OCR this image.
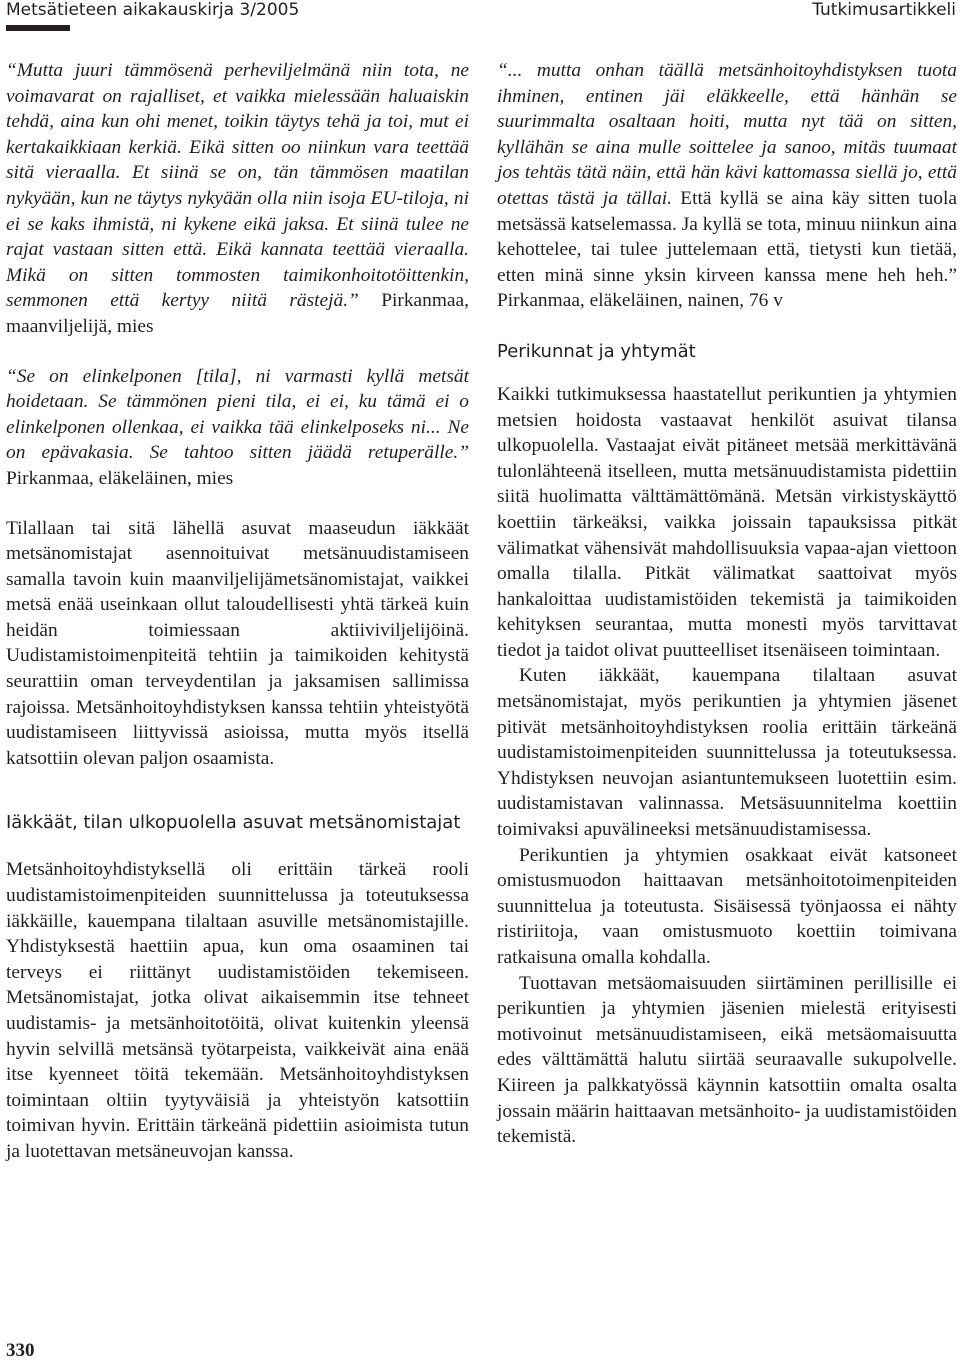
Metsätieteen aikakauskirja 3/2005	Tutkimusartikkeli

“Mutta juuri tämmösenä perheviljelmänä niin tota, ne voimavarat on rajalliset, et vaikka mielessään haluaiskin tehdä, aina kun ohi menet, toikin täytys tehä ja toi, mut ei kertakaikkiaan kerkiä. Eikä sitten oo niinkun vara teettää sitä vieraalla. Et siinä se on, tän tämmösen maatilan nykyään, kun ne täytys nykyään olla niin isoja EU-tiloja, ni ei se kaks ihmistä, ni kykene eikä jaksa. Et siinä tulee ne rajat vastaan sitten että. Eikä kannata teettää vieraalla. Mikä on sitten tommosten taimikonhoitotöittenkin, semmonen että kertyy niitä rästejä.” Pirkanmaa, maanviljelijä, mies

“Se on elinkelponen [tila], ni varmasti kyllä metsät hoidetaan. Se tämmönen pieni tila, ei ei, ku tämä ei o elinkelponen ollenkaa, ei vaikka tää elinkelposeks ni... Ne on epävakasia. Se tahtoo sitten jäädä retuperälle.” Pirkanmaa, eläkeläinen, mies

Tilallaan tai sitä lähellä asuvat maaseudun iäkkäät metsänomistajat asennoituivat metsänuudistamiseen samalla tavoin kuin maanviljelijämetsänomistajat, vaikkei metsä enää useinkaan ollut taloudellisesti yhtä tärkeä kuin heidän toimiessaan aktiiviviljelijöinä. Uudistamistoimenpiteitä tehtiin ja taimikoiden kehitystä seurattiin oman terveydentilan ja jaksamisen sallimissa rajoissa. Metsänhoitoyhdistyksen kanssa tehtiin yhteistyötä uudistamiseen liittyvissä asioissa, mutta myös itsellä katsottiin olevan paljon osaamista.

Iäkkäät, tilan ulkopuolella asuvat metsänomistajat

Metsänhoitoyhdistyksellä oli erittäin tärkeä rooli uudistamistoimenpiteiden suunnittelussa ja toteutuksessa iäkkäille, kauempana tilaltaan asuville metsänomistajille. Yhdistyksestä haettiin apua, kun oma osaaminen tai terveys ei riittänyt uudistamistöiden tekemiseen. Metsänomistajat, jotka olivat aikaisemmin itse tehneet uudistamis- ja metsänhoitotöitä, olivat kuitenkin yleensä hyvin selvillä metsänsä työtarpeista, vaikkeivät aina enää itse kyenneet töitä tekemään. Metsänhoitoyhdistyksen toimintaan oltiin tyytyväisiä ja yhteistyön katsottiin toimivan hyvin. Erittäin tärkeänä pidettiin asioimista tutun ja luotettavan metsäneuvojan kanssa.

“... mutta onhan täällä metsänhoitoyhdistyksen tuota ihminen, entinen jäi eläkkeelle, että hänhän se suurimmalta osaltaan hoiti, mutta nyt tää on sitten, kyllähän se aina mulle soittelee ja sanoo, mitäs tuumaat jos tehtäs tätä näin, että hän kävi kattomassa siellä jo, että otettas tästä ja tällai. Että kyllä se aina käy sitten tuola metsässä katselemassa. Ja kyllä se tota, minuu niinkun aina kehottelee, tai tulee juttelemaan että, tietysti kun tietää, etten minä sinne yksin kirveen kanssa mene heh heh.” Pirkanmaa, eläkeläinen, nainen, 76 v

Perikunnat ja yhtymät

Kaikki tutkimuksessa haastatellut perikuntien ja yhtymien metsien hoidosta vastaavat henkilöt asuivat tilansa ulkopuolella. Vastaajat eivät pitäneet metsää merkittävänä tulonlähteenä itselleen, mutta metsänuudistamista pidettiin siitä huolimatta välttämättömänä. Metsän virkistyskäyttö koettiin tärkeäksi, vaikka joissain tapauksissa pitkät välimatkat vähensivät mahdollisuuksia vapaa-ajan viettoon omalla tilalla. Pitkät välimatkat saattoivat myös hankaloittaa uudistamistöiden tekemistä ja taimikoiden kehityksen seurantaa, mutta monesti myös tarvittavat tiedot ja taidot olivat puutteelliset itsenäiseen toimintaan.

Kuten iäkkäät, kauempana tilaltaan asuvat metsänomistajat, myös perikuntien ja yhtymien jäsenet pitivät metsänhoitoyhdistyksen roolia erittäin tärkeänä uudistamistoimenpiteiden suunnittelussa ja toteutuksessa. Yhdistyksen neuvojan asiantuntemukseen luotettiin esim. uudistamistavan valinnassa. Metsäsuunnitelma koettiin toimivaksi apuvälineeksi metsänuudistamisessa.

Perikuntien ja yhtymien osakkaat eivät katsoneet omistusmuodon haittaavan metsänhoitotoimenpiteiden suunnittelua ja toteutusta. Sisäisessä työnjaossa ei nähty ristiriitoja, vaan omistusmuoto koettiin toimivana ratkaisuna omalla kohdalla.

Tuottavan metsäomaisuuden siirtäminen perillisille ei perikuntien ja yhtymien jäsenien mielestä erityisesti motivoinut metsänuudistamiseen, eikä metsäomaisuutta edes välttämättä halutu siirtää seuraavalle sukupolvelle. Kiireen ja palkkatyössä käynnin katsottiin omalta osalta jossain määrin haittaavan metsänhoito- ja uudistamistöiden tekemistä.

330
